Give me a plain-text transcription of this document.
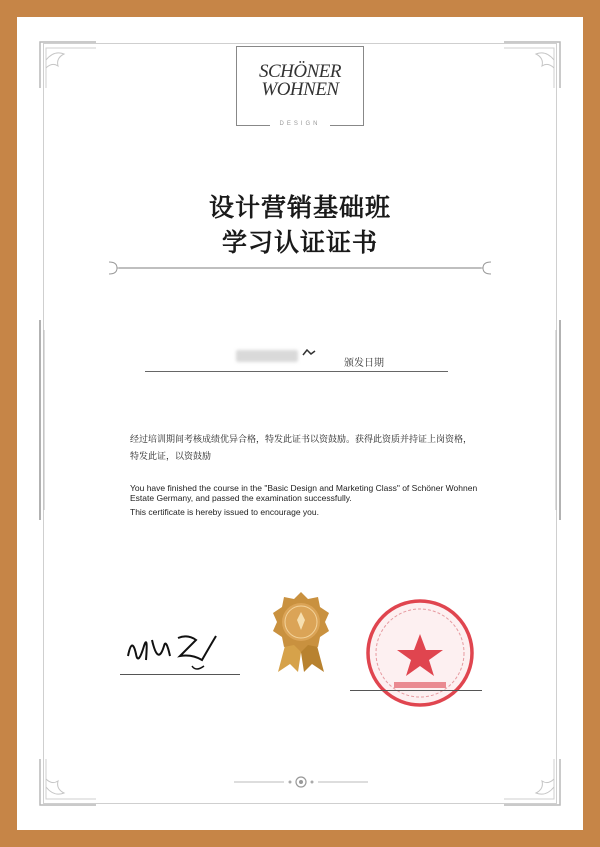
SCHÖNER
WOHNEN
DESIGN
设计营销基础班
学习认证证书
颁发日期
经过培训期间考核成绩优异合格，特发此证书以资鼓励。获得此资质并持证上岗资格，
特发此证，以资鼓励

You have finished the course in the "Basic Design and Marketing Class" of Schöner Wohnen Estate Germany, and passed the examination successfully.

This certificate is hereby issued to encourage you.
